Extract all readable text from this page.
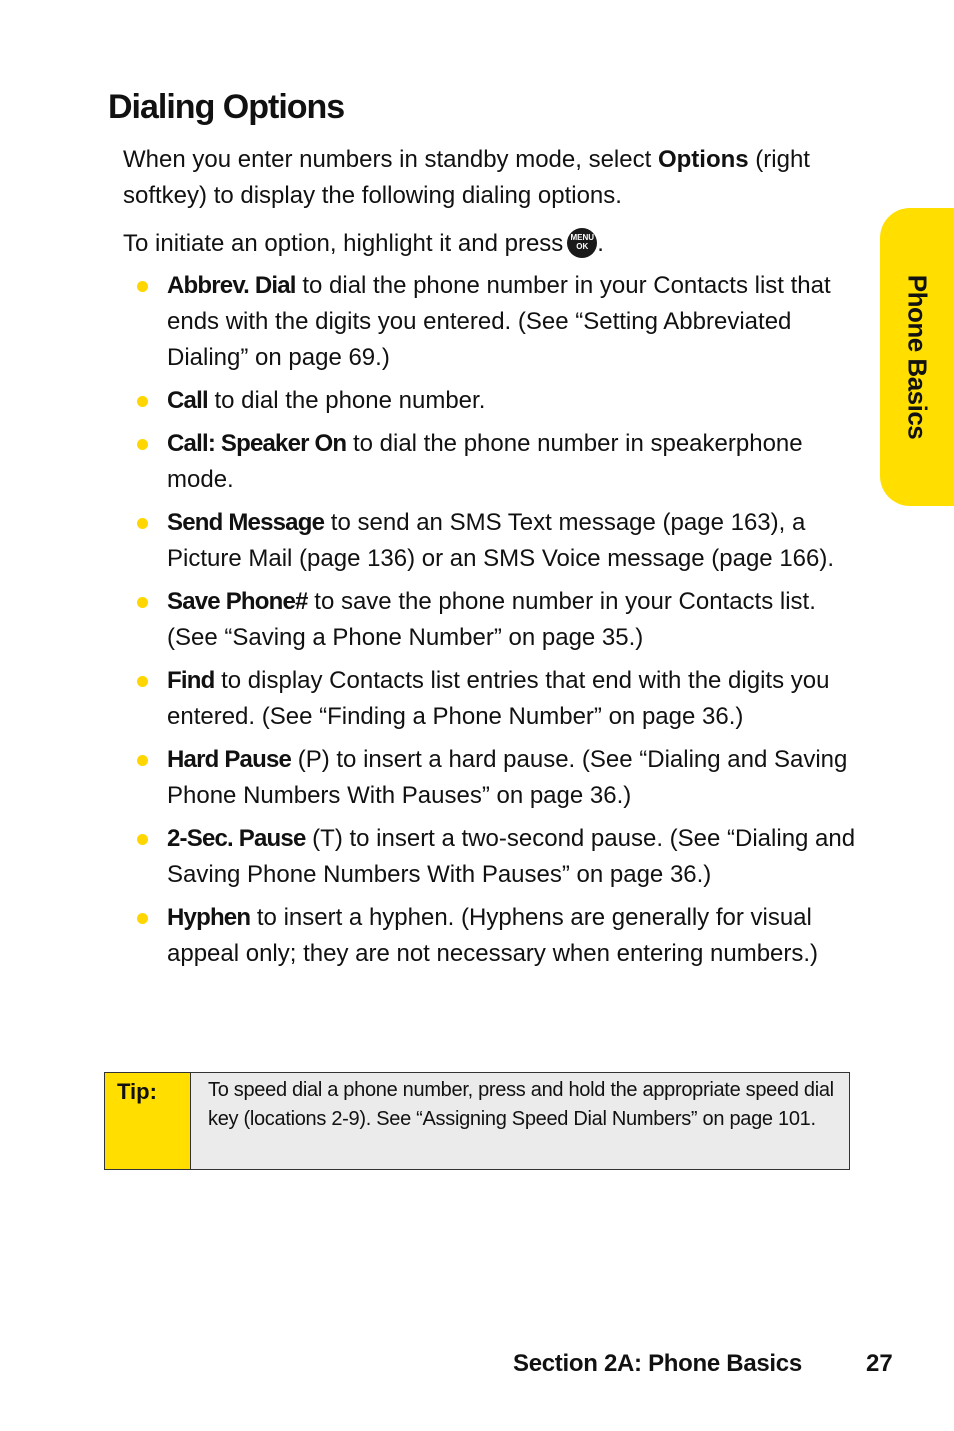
Dialing Options

When you enter numbers in standby mode, select Options (right softkey) to display the following dialing options.

To initiate an option, highlight it and press MENU
OK .

Abbrev. Dial to dial the phone number in your Contacts list that ends with the digits you entered. (See “Setting Abbreviated Dialing” on page 69.)
Call to dial the phone number.
Call: Speaker On to dial the phone number in speakerphone mode.
Send Message to send an SMS Text message (page 163), a Picture Mail (page 136) or an SMS Voice message (page 166).
Save Phone# to save the phone number in your Contacts list. (See “Saving a Phone Number” on page 35.)
Find to display Contacts list entries that end with the digits you entered. (See “Finding a Phone Number” on page 36.)
Hard Pause (P) to insert a hard pause. (See “Dialing and Saving Phone Numbers With Pauses” on page 36.)
2-Sec. Pause (T) to insert a two-second pause. (See “Dialing and Saving Phone Numbers With Pauses” on page 36.)
Hyphen to insert a hyphen. (Hyphens are generally for visual appeal only; they are not necessary when entering numbers.)
Phone Basics
Tip:	To speed dial a phone number, press and hold the appropriate speed dial key (locations 2-9). See “Assigning Speed Dial Numbers” on page 101.
Section 2A: Phone Basics	27
